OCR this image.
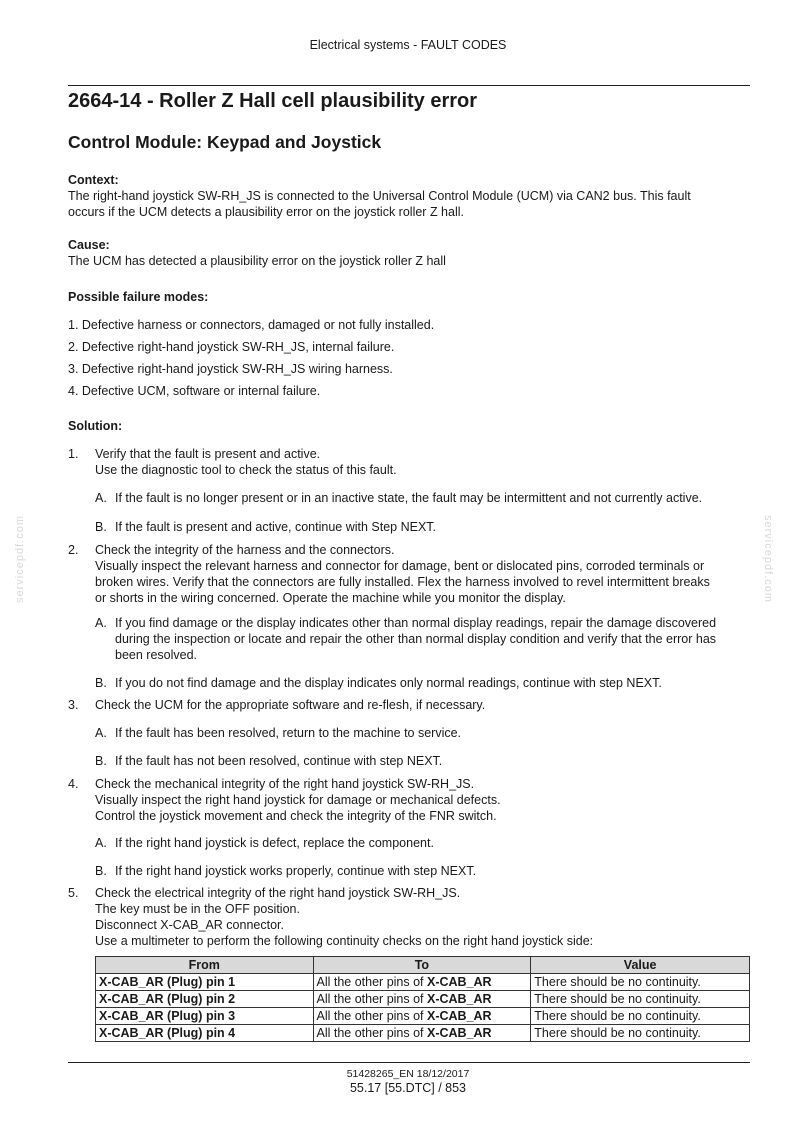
Electrical systems - FAULT CODES
2664-14 - Roller Z Hall cell plausibility error
Control Module: Keypad and Joystick
Context:
The right-hand joystick SW-RH_JS is connected to the Universal Control Module (UCM) via CAN2 bus. This fault
occurs if the UCM detects a plausibility error on the joystick roller Z hall.
Cause:
The UCM has detected a plausibility error on the joystick roller Z hall
Possible failure modes:
1. Defective harness or connectors, damaged or not fully installed.
2. Defective right-hand joystick SW-RH_JS, internal failure.
3. Defective right-hand joystick SW-RH_JS wiring harness.
4. Defective UCM, software or internal failure.
Solution:
1. Verify that the fault is present and active.
Use the diagnostic tool to check the status of this fault.
A. If the fault is no longer present or in an inactive state, the fault may be intermittent and not currently active.
B. If the fault is present and active, continue with Step NEXT.
2. Check the integrity of the harness and the connectors.
Visually inspect the relevant harness and connector for damage, bent or dislocated pins, corroded terminals or
broken wires. Verify that the connectors are fully installed. Flex the harness involved to revel intermittent breaks
or shorts in the wiring concerned. Operate the machine while you monitor the display.
A. If you find damage or the display indicates other than normal display readings, repair the damage discovered
during the inspection or locate and repair the other than normal display condition and verify that the error has
been resolved.
B. If you do not find damage and the display indicates only normal readings, continue with step NEXT.
3. Check the UCM for the appropriate software and re-flesh, if necessary.
A. If the fault has been resolved, return to the machine to service.
B. If the fault has not been resolved, continue with step NEXT.
4. Check the mechanical integrity of the right hand joystick SW-RH_JS.
Visually inspect the right hand joystick for damage or mechanical defects.
Control the joystick movement and check the integrity of the FNR switch.
A. If the right hand joystick is defect, replace the component.
B. If the right hand joystick works properly, continue with step NEXT.
5. Check the electrical integrity of the right hand joystick SW-RH_JS.
The key must be in the OFF position.
Disconnect X-CAB_AR connector.
Use a multimeter to perform the following continuity checks on the right hand joystick side:
From	To	Value
X-CAB_AR (Plug) pin 1	All the other pins of X-CAB_AR	There should be no continuity.
X-CAB_AR (Plug) pin 2	All the other pins of X-CAB_AR	There should be no continuity.
X-CAB_AR (Plug) pin 3	All the other pins of X-CAB_AR	There should be no continuity.
X-CAB_AR (Plug) pin 4	All the other pins of X-CAB_AR	There should be no continuity.
servicepdf.com	servicepdf.com
51428265_EN 18/12/2017
55.17 [55.DTC] / 853
